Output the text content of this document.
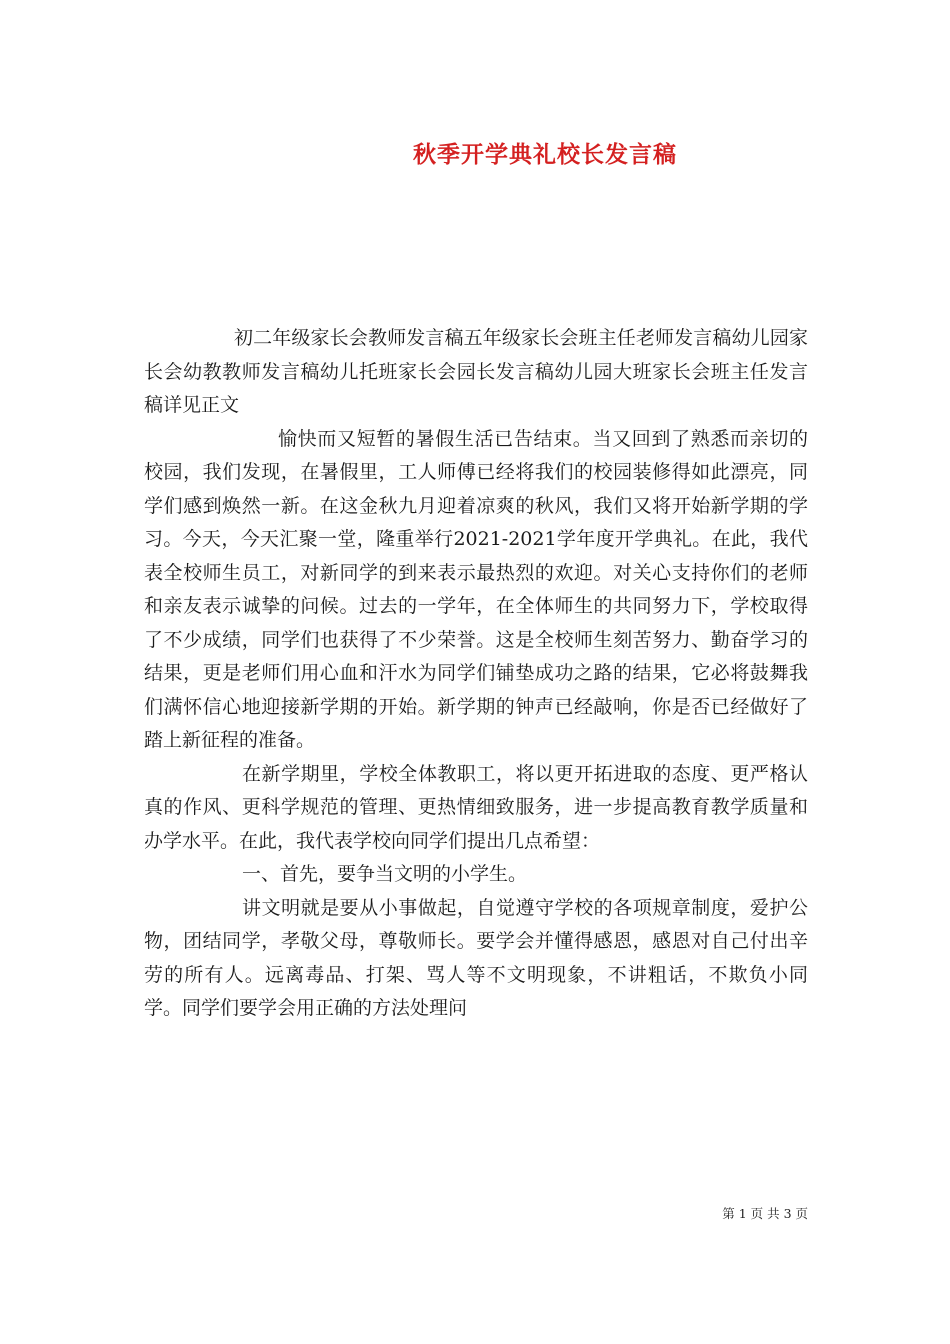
秋季开学典礼校长发言稿

初二年级家长会教师发言稿五年级家长会班主任老师发言稿幼儿园家长会幼教教师发言稿幼儿托班家长会园长发言稿幼儿园大班家长会班主任发言稿详见正文

愉快而又短暂的暑假生活已告结束。当又回到了熟悉而亲切的校园，我们发现，在暑假里，工人师傅已经将我们的校园装修得如此漂亮，同学们感到焕然一新。在这金秋九月迎着凉爽的秋风，我们又将开始新学期的学习。今天，今天汇聚一堂，隆重举行2021-2021学年度开学典礼。在此，我代表全校师生员工，对新同学的到来表示最热烈的欢迎。对关心支持你们的老师和亲友表示诚挚的问候。过去的一学年，在全体师生的共同努力下，学校取得了不少成绩，同学们也获得了不少荣誉。这是全校师生刻苦努力、勤奋学习的结果，更是老师们用心血和汗水为同学们铺垫成功之路的结果，它必将鼓舞我们满怀信心地迎接新学期的开始。新学期的钟声已经敲响，你是否已经做好了踏上新征程的准备。

在新学期里，学校全体教职工，将以更开拓进取的态度、更严格认真的作风、更科学规范的管理、更热情细致服务，进一步提高教育教学质量和办学水平。在此，我代表学校向同学们提出几点希望：

一、首先，要争当文明的小学生。

讲文明就是要从小事做起，自觉遵守学校的各项规章制度，爱护公物，团结同学，孝敬父母，尊敬师长。要学会并懂得感恩，感恩对自己付出辛劳的所有人。远离毒品、打架、骂人等不文明现象，不讲粗话，不欺负小同学。同学们要学会用正确的方法处理问

第 1 页 共 3 页
